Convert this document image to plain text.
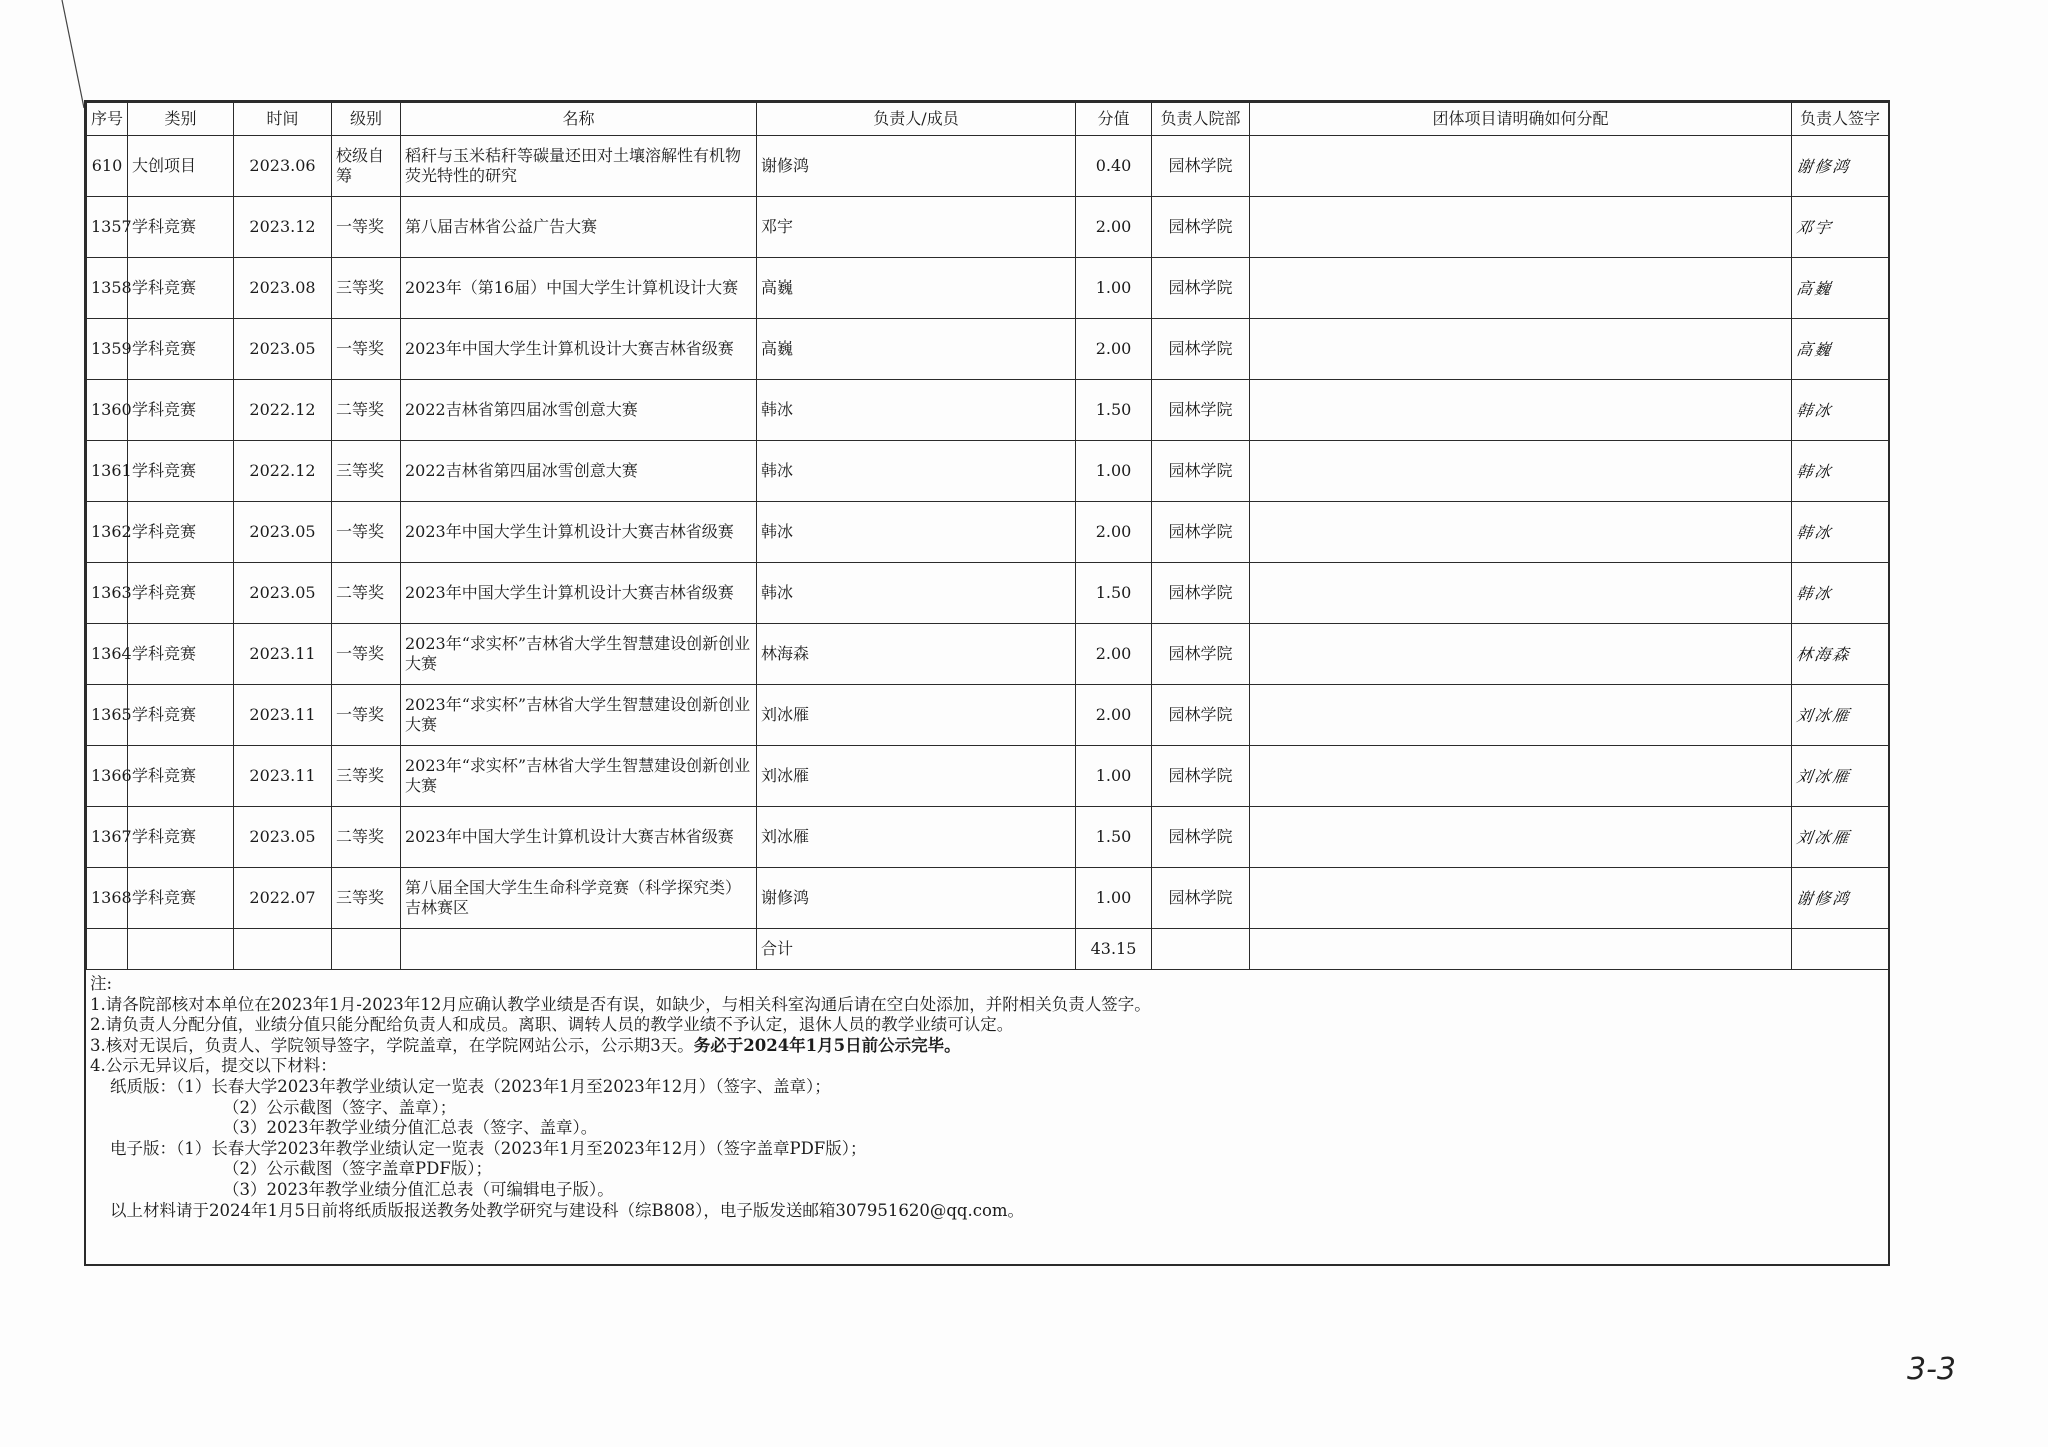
序号	类别	时间	级别	名称	负责人/成员	分值	负责人院部	团体项目请明确如何分配	负责人签字
610	大创项目	2023.06	校级自筹	稻秆与玉米秸秆等碳量还田对土壤溶解性有机物荧光特性的研究	谢修鸿	0.40	园林学院		谢修鸿
1357	学科竞赛	2023.12	一等奖	第八届吉林省公益广告大赛	邓宇	2.00	园林学院		邓宇
1358	学科竞赛	2023.08	三等奖	2023年（第16届）中国大学生计算机设计大赛	高巍	1.00	园林学院		高巍
1359	学科竞赛	2023.05	一等奖	2023年中国大学生计算机设计大赛吉林省级赛	高巍	2.00	园林学院		高巍
1360	学科竞赛	2022.12	二等奖	2022吉林省第四届冰雪创意大赛	韩冰	1.50	园林学院		韩冰
1361	学科竞赛	2022.12	三等奖	2022吉林省第四届冰雪创意大赛	韩冰	1.00	园林学院		韩冰
1362	学科竞赛	2023.05	一等奖	2023年中国大学生计算机设计大赛吉林省级赛	韩冰	2.00	园林学院		韩冰
1363	学科竞赛	2023.05	二等奖	2023年中国大学生计算机设计大赛吉林省级赛	韩冰	1.50	园林学院		韩冰
1364	学科竞赛	2023.11	一等奖	2023年“求实杯”吉林省大学生智慧建设创新创业大赛	林海森	2.00	园林学院		林海森
1365	学科竞赛	2023.11	一等奖	2023年“求实杯”吉林省大学生智慧建设创新创业大赛	刘冰雁	2.00	园林学院		刘冰雁
1366	学科竞赛	2023.11	三等奖	2023年“求实杯”吉林省大学生智慧建设创新创业大赛	刘冰雁	1.00	园林学院		刘冰雁
1367	学科竞赛	2023.05	二等奖	2023年中国大学生计算机设计大赛吉林省级赛	刘冰雁	1.50	园林学院		刘冰雁
1368	学科竞赛	2022.07	三等奖	第八届全国大学生生命科学竞赛（科学探究类）吉林赛区	谢修鸿	1.00	园林学院		谢修鸿
					合计	43.15			
注:
1.请各院部核对本单位在2023年1月-2023年12月应确认教学业绩是否有误，如缺少，与相关科室沟通后请在空白处添加，并附相关负责人签字。
2.请负责人分配分值，业绩分值只能分配给负责人和成员。离职、调转人员的教学业绩不予认定，退休人员的教学业绩可认定。
3.核对无误后，负责人、学院领导签字，学院盖章，在学院网站公示，公示期3天。务必于2024年1月5日前公示完毕。
4.公示无异议后，提交以下材料：
纸质版：（1）长春大学2023年教学业绩认定一览表（2023年1月至2023年12月）（签字、盖章）；
（2）公示截图（签字、盖章）；
（3）2023年教学业绩分值汇总表（签字、盖章）。
电子版：（1）长春大学2023年教学业绩认定一览表（2023年1月至2023年12月）（签字盖章PDF版）；
（2）公示截图（签字盖章PDF版）；
（3）2023年教学业绩分值汇总表（可编辑电子版）。
以上材料请于2024年1月5日前将纸质版报送教务处教学研究与建设科（综B808），电子版发送邮箱307951620@qq.com。
3-3
